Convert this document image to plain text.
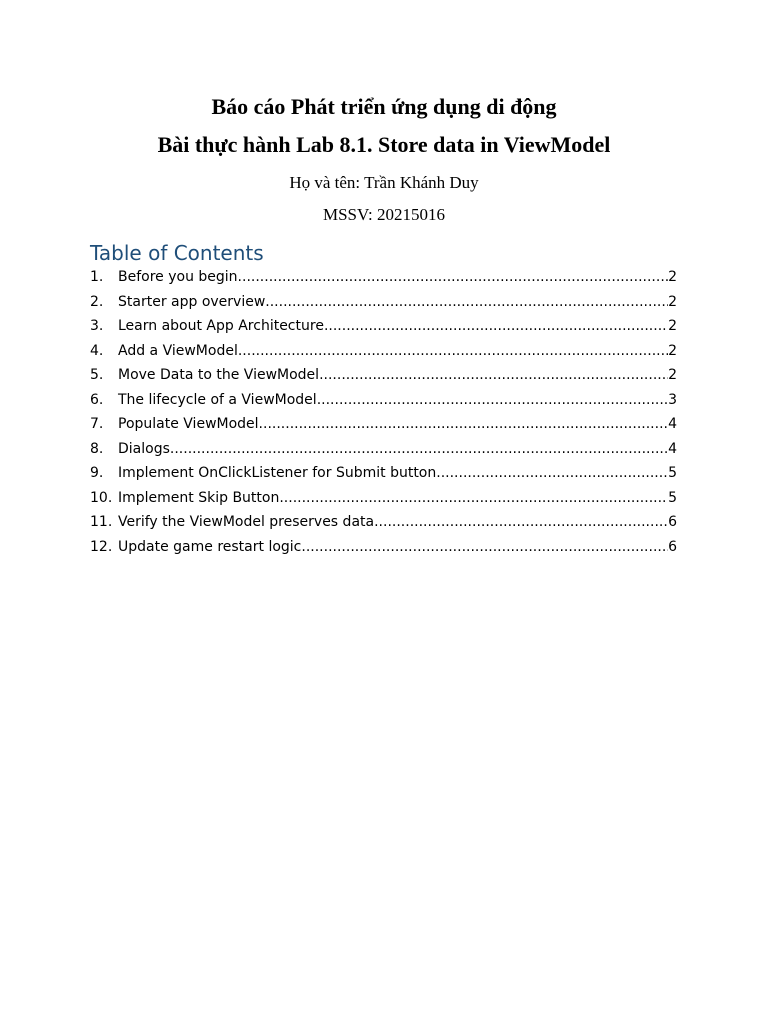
Báo cáo Phát triển ứng dụng di động
Bài thực hành Lab 8.1. Store data in ViewModel
Họ và tên: Trần Khánh Duy
MSSV: 20215016
Table of Contents
1.	Before you begin .....	2
2.	Starter app overview .....	2
3.	Learn about App Architecture .....	2
4.	Add a ViewModel .....	2
5.	Move Data to the ViewModel .....	2
6.	The lifecycle of a ViewModel .....	3
7.	Populate ViewModel .....	4
8.	Dialogs .....	4
9.	Implement OnClickListener for Submit button .....	5
10. Implement Skip Button .....	5
11. Verify the ViewModel preserves data .....	6
12. Update game restart logic .....	6
